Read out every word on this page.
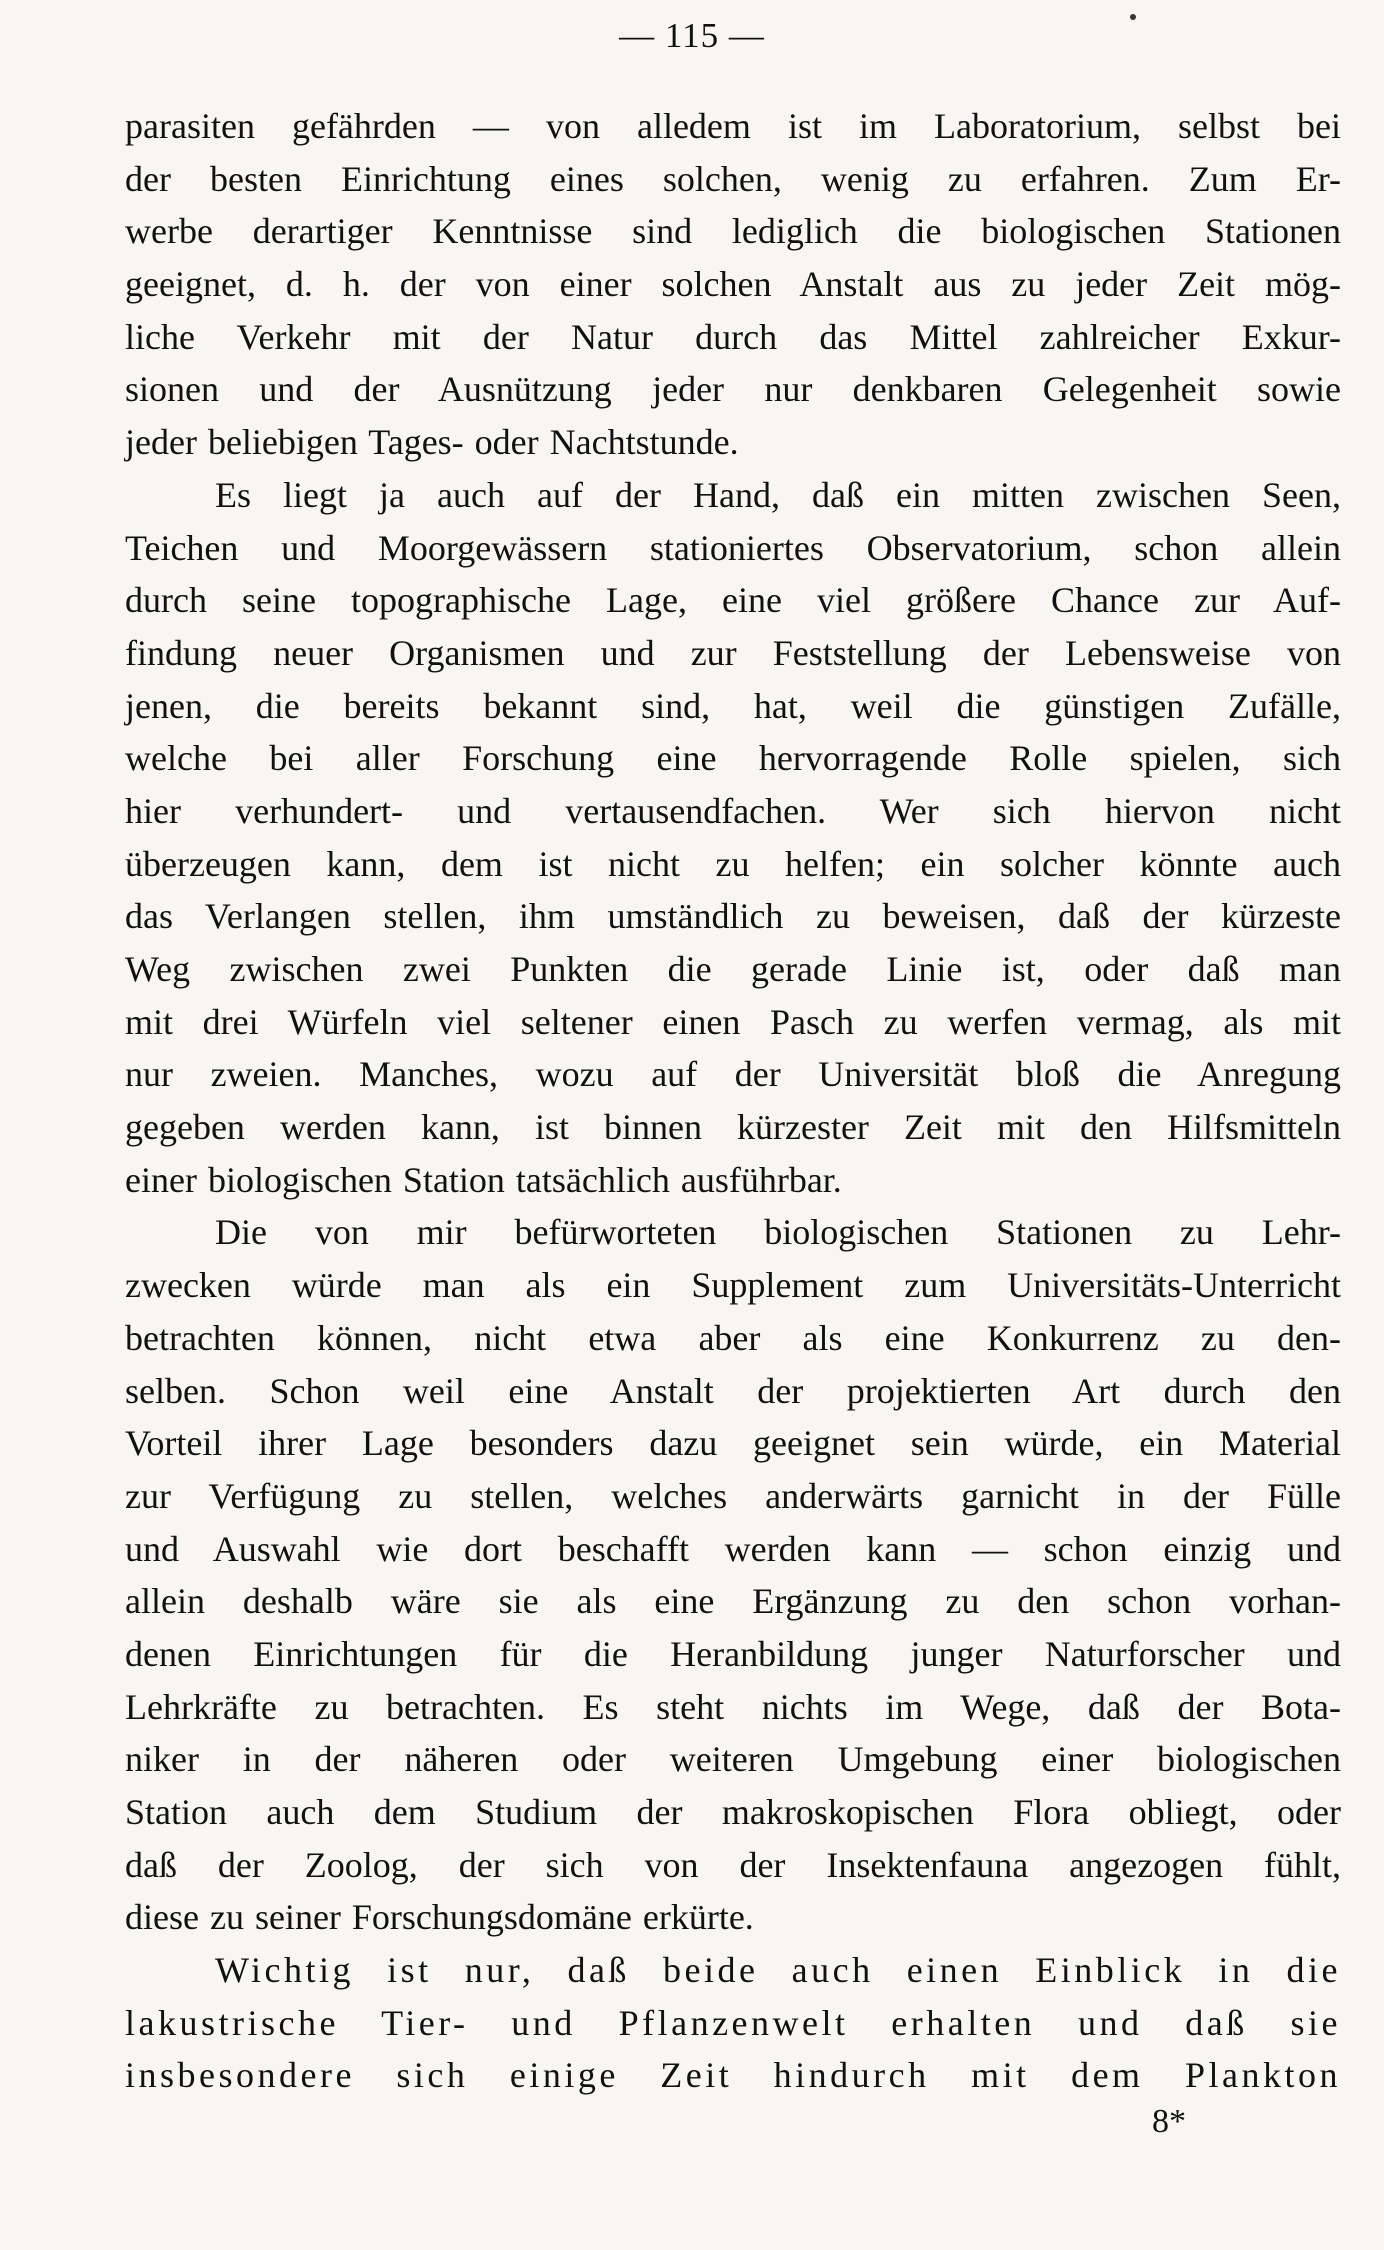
— 115 —
parasiten gefährden — von alledem ist im Laboratorium, selbst bei
der besten Einrichtung eines solchen, wenig zu erfahren. Zum Er-
werbe derartiger Kenntnisse sind lediglich die biologischen Stationen
geeignet, d. h. der von einer solchen Anstalt aus zu jeder Zeit mög-
liche Verkehr mit der Natur durch das Mittel zahlreicher Exkur-
sionen und der Ausnützung jeder nur denkbaren Gelegenheit sowie
jeder beliebigen Tages- oder Nachtstunde.
Es liegt ja auch auf der Hand, daß ein mitten zwischen Seen,
Teichen und Moorgewässern stationiertes Observatorium, schon allein
durch seine topographische Lage, eine viel größere Chance zur Auf-
findung neuer Organismen und zur Feststellung der Lebensweise von
jenen, die bereits bekannt sind, hat, weil die günstigen Zufälle,
welche bei aller Forschung eine hervorragende Rolle spielen, sich
hier verhundert- und vertausendfachen. Wer sich hiervon nicht
überzeugen kann, dem ist nicht zu helfen; ein solcher könnte auch
das Verlangen stellen, ihm umständlich zu beweisen, daß der kürzeste
Weg zwischen zwei Punkten die gerade Linie ist, oder daß man
mit drei Würfeln viel seltener einen Pasch zu werfen vermag, als mit
nur zweien. Manches, wozu auf der Universität bloß die Anregung
gegeben werden kann, ist binnen kürzester Zeit mit den Hilfsmitteln
einer biologischen Station tatsächlich ausführbar.
Die von mir befürworteten biologischen Stationen zu Lehr-
zwecken würde man als ein Supplement zum Universitäts-Unterricht
betrachten können, nicht etwa aber als eine Konkurrenz zu den-
selben. Schon weil eine Anstalt der projektierten Art durch den
Vorteil ihrer Lage besonders dazu geeignet sein würde, ein Material
zur Verfügung zu stellen, welches anderwärts garnicht in der Fülle
und Auswahl wie dort beschafft werden kann — schon einzig und
allein deshalb wäre sie als eine Ergänzung zu den schon vorhan-
denen Einrichtungen für die Heranbildung junger Naturforscher und
Lehrkräfte zu betrachten. Es steht nichts im Wege, daß der Bota-
niker in der näheren oder weiteren Umgebung einer biologischen
Station auch dem Studium der makroskopischen Flora obliegt, oder
daß der Zoolog, der sich von der Insektenfauna angezogen fühlt,
diese zu seiner Forschungsdomäne erkürte.
Wichtig ist nur, daß beide auch einen Einblick in die
lakustrische Tier- und Pflanzenwelt erhalten und daß sie
insbesondere sich einige Zeit hindurch mit dem Plankton
8*
